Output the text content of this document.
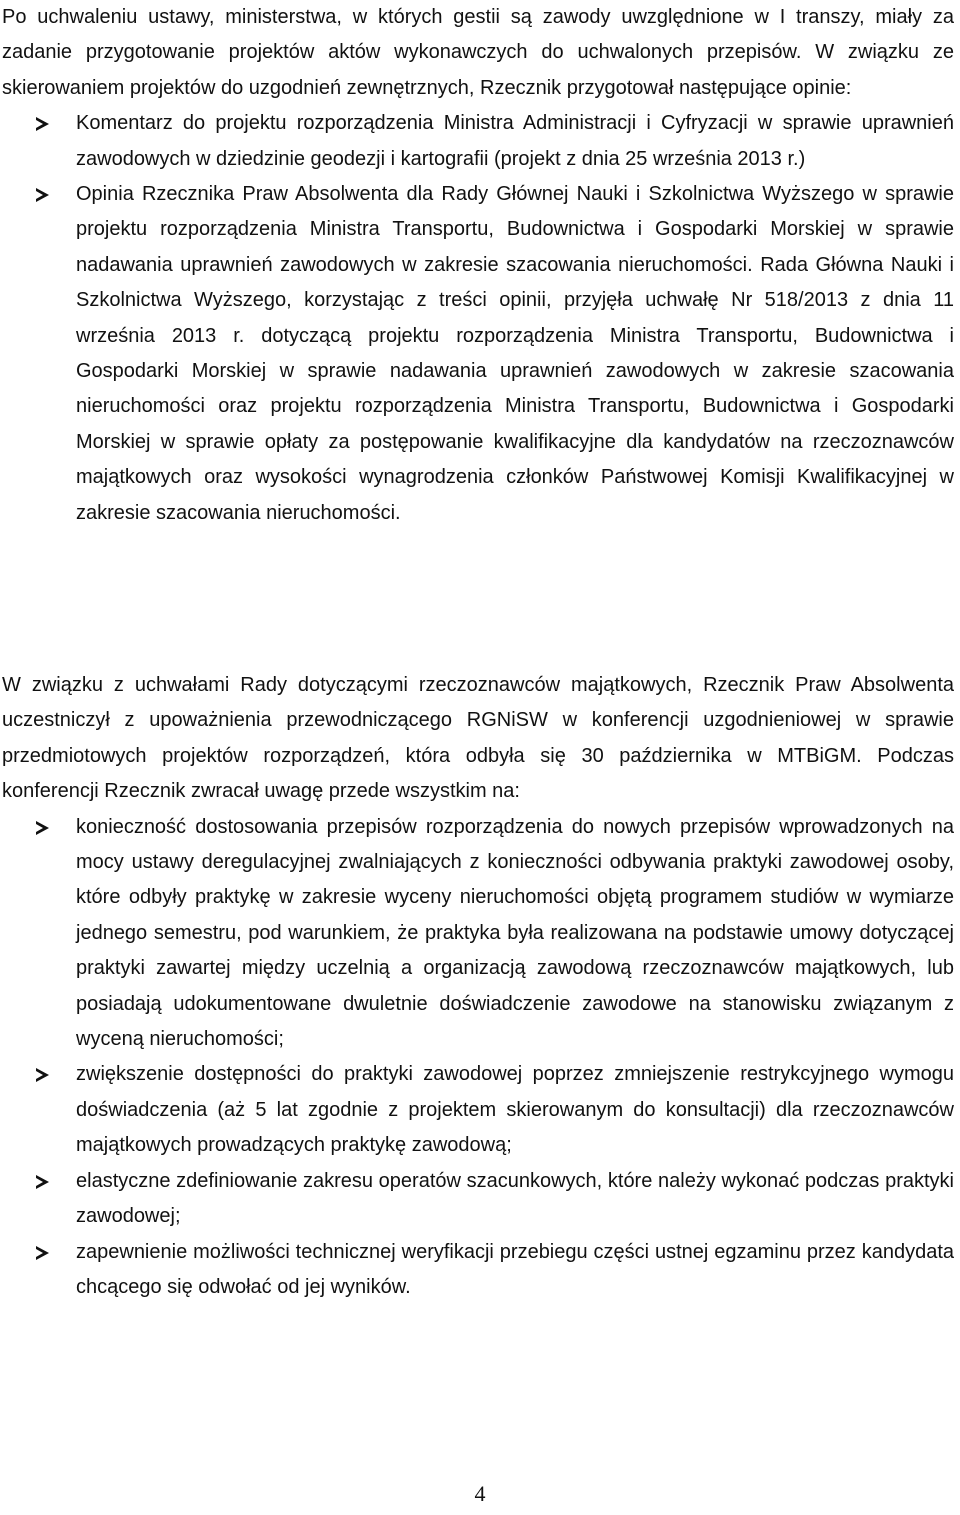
Po uchwaleniu ustawy, ministerstwa, w których gestii są zawody uwzględnione w I transzy, miały za zadanie przygotowanie projektów aktów wykonawczych do uchwalonych przepisów. W związku ze skierowaniem projektów do uzgodnień zewnętrznych, Rzecznik przygotował następujące opinie:

Komentarz do projektu rozporządzenia Ministra Administracji i Cyfryzacji w sprawie uprawnień zawodowych w dziedzinie geodezji i kartografii (projekt z dnia 25 września 2013 r.)
Opinia Rzecznika Praw Absolwenta dla Rady Głównej Nauki i Szkolnictwa Wyższego w sprawie projektu rozporządzenia Ministra Transportu, Budownictwa i Gospodarki Morskiej w sprawie nadawania uprawnień zawodowych w zakresie szacowania nieruchomości. Rada Główna Nauki i Szkolnictwa Wyższego, korzystając z treści opinii, przyjęła uchwałę Nr 518/2013 z dnia 11 września 2013 r. dotyczącą projektu rozporządzenia Ministra Transportu, Budownictwa i Gospodarki Morskiej w sprawie nadawania uprawnień zawodowych w zakresie szacowania nieruchomości oraz projektu rozporządzenia Ministra Transportu, Budownictwa i Gospodarki Morskiej w sprawie opłaty za postępowanie kwalifikacyjne dla kandydatów na rzeczoznawców majątkowych oraz wysokości wynagrodzenia członków Państwowej Komisji Kwalifikacyjnej w zakresie szacowania nieruchomości.

W związku z uchwałami Rady dotyczącymi rzeczoznawców majątkowych, Rzecznik Praw Absolwenta uczestniczył z upoważnienia przewodniczącego RGNiSW w konferencji uzgodnieniowej w sprawie przedmiotowych projektów rozporządzeń, która odbyła się 30 października w MTBiGM. Podczas konferencji Rzecznik zwracał uwagę przede wszystkim na:

konieczność dostosowania przepisów rozporządzenia do nowych przepisów wprowadzonych na mocy ustawy deregulacyjnej zwalniających z konieczności odbywania praktyki zawodowej osoby, które odbyły praktykę w zakresie wyceny nieruchomości objętą programem studiów w wymiarze jednego semestru, pod warunkiem, że praktyka była realizowana na podstawie umowy dotyczącej praktyki zawartej między uczelnią a organizacją zawodową rzeczoznawców majątkowych, lub posiadają udokumentowane dwuletnie doświadczenie zawodowe na stanowisku związanym z wyceną nieruchomości;
zwiększenie dostępności do praktyki zawodowej poprzez zmniejszenie restrykcyjnego wymogu doświadczenia (aż 5 lat zgodnie z projektem skierowanym do konsultacji) dla rzeczoznawców majątkowych prowadzących praktykę zawodową;
elastyczne zdefiniowanie zakresu operatów szacunkowych, które należy wykonać podczas praktyki zawodowej;
zapewnienie możliwości technicznej weryfikacji przebiegu części ustnej egzaminu przez kandydata chcącego się odwołać od jej wyników.

4
